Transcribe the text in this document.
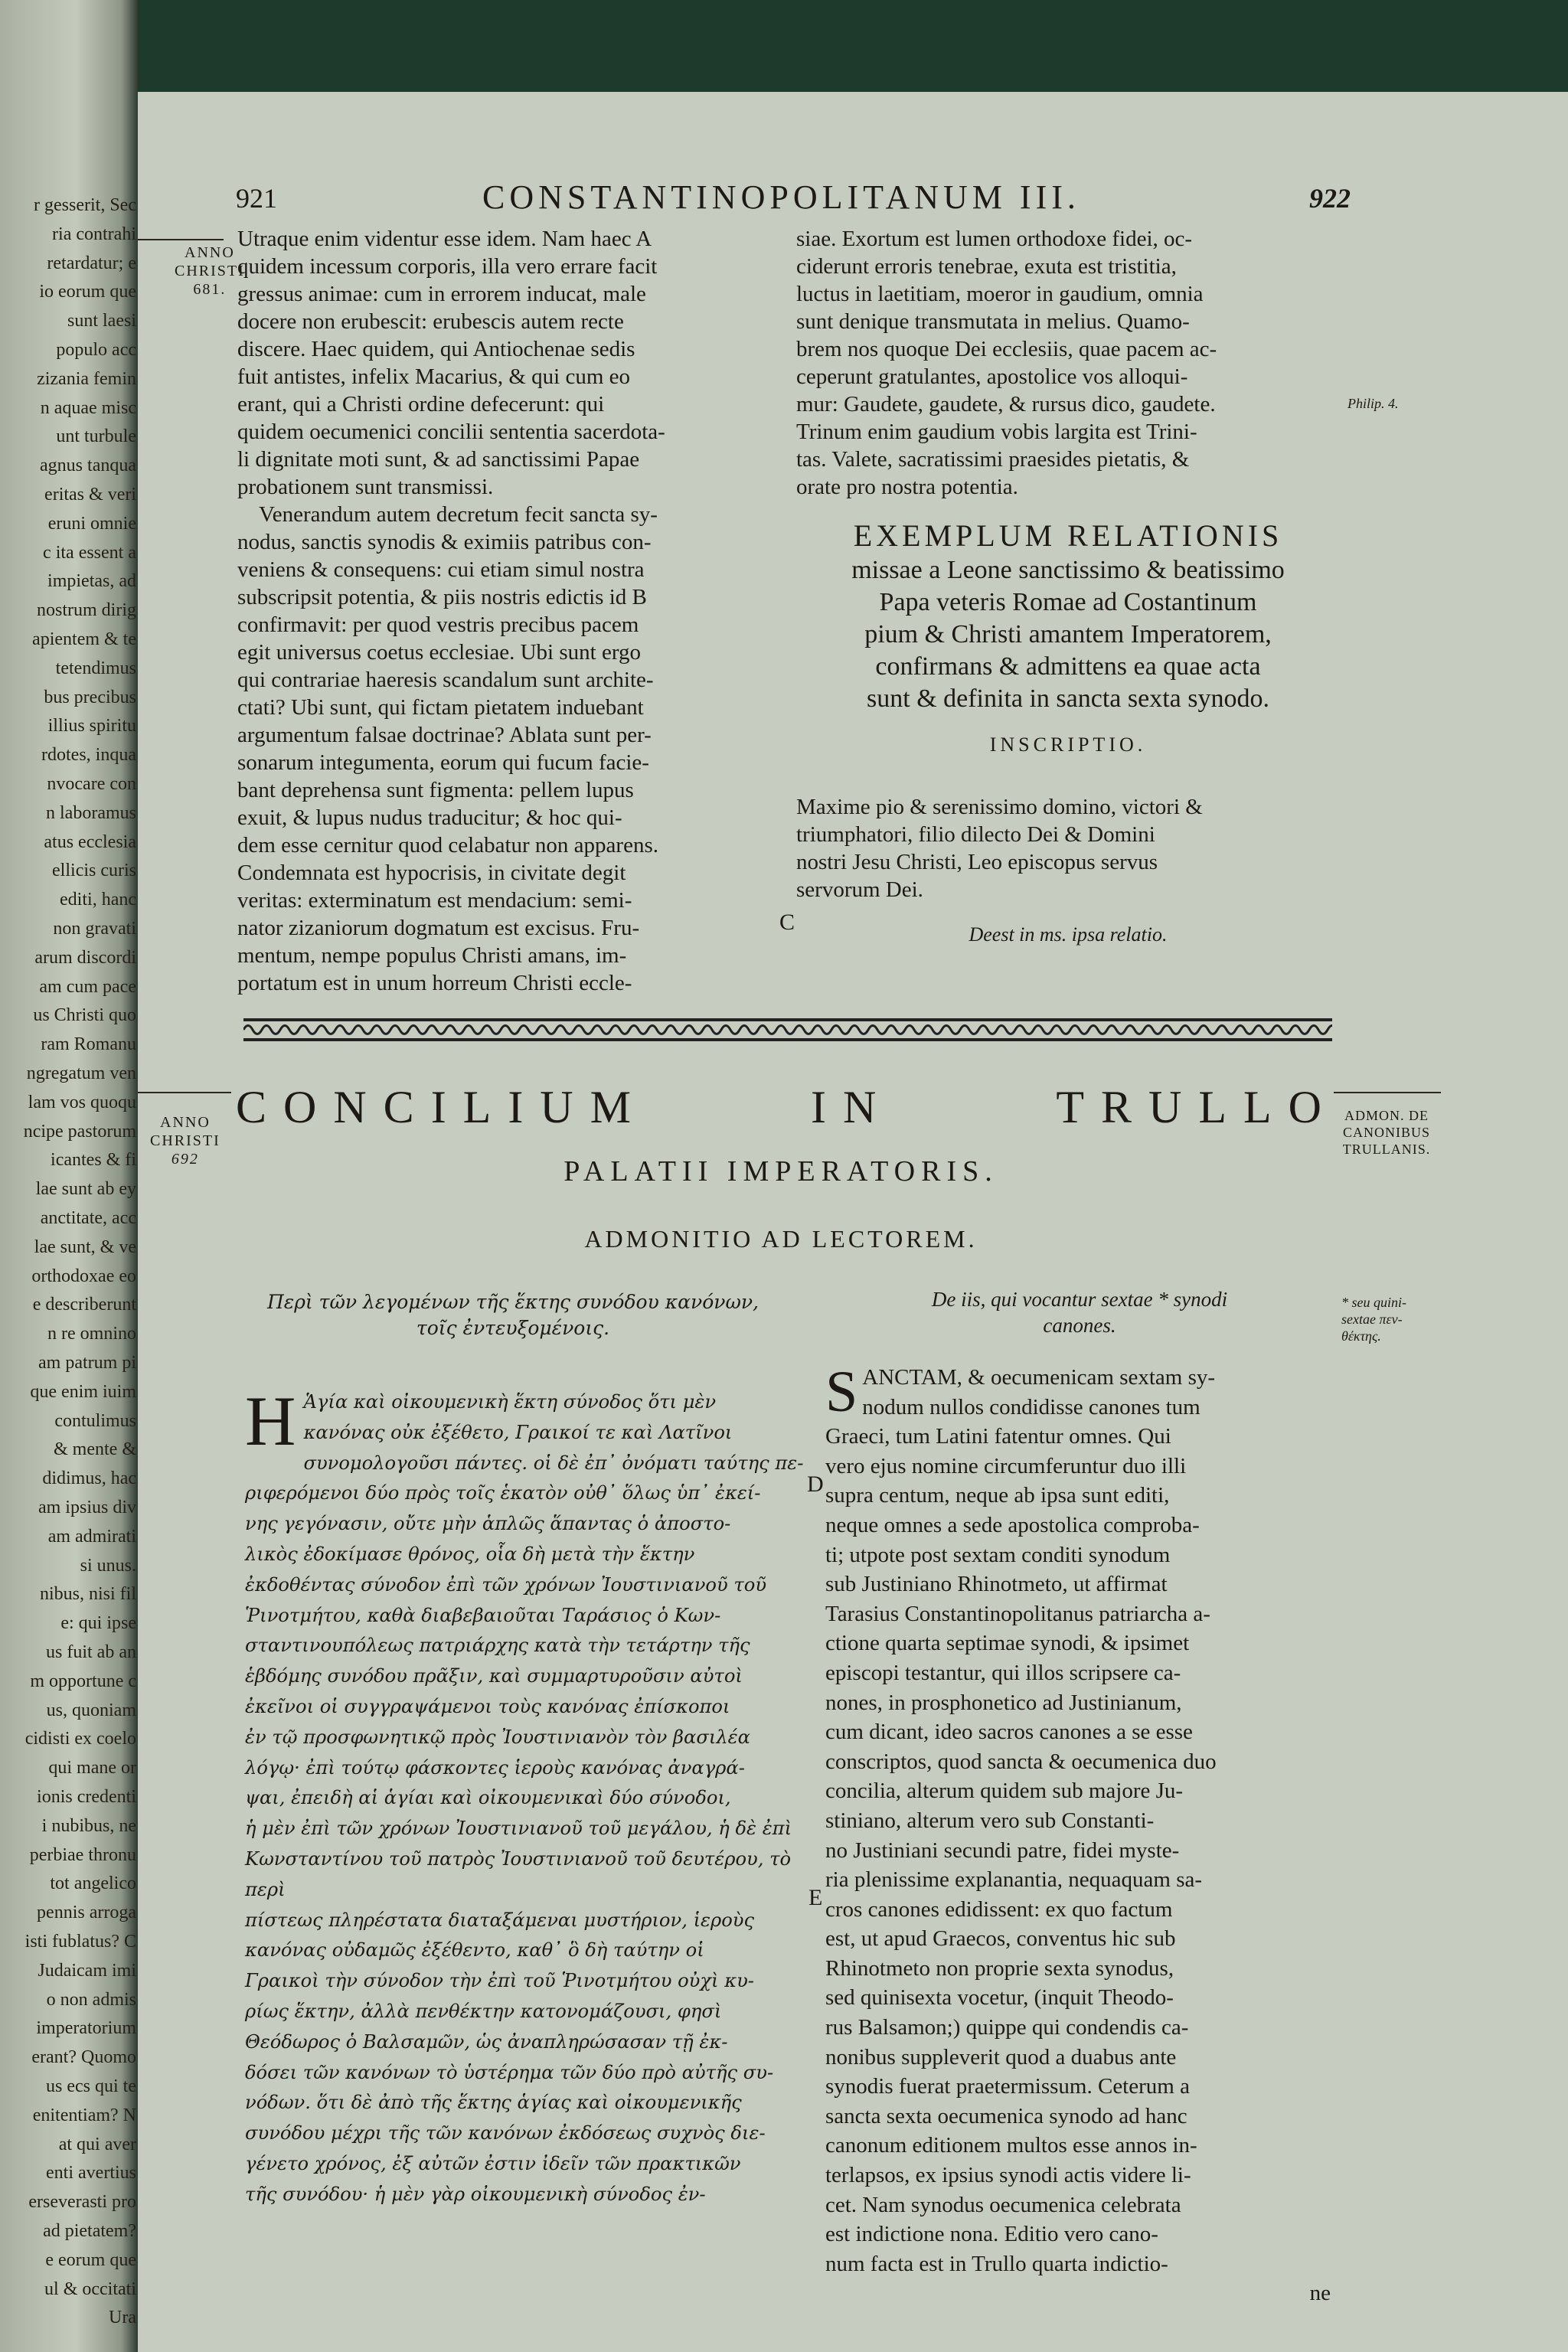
r gesserit, Sec
ria contrahi
retardatur; e
io eorum que
sunt laesi
populo acc
zizania femin
n aquae misc
unt turbule
agnus tanqua
eritas & veri
eruni omnie
c ita essent a
impietas, ad
nostrum dirig
apientem & te
tetendimus
bus precibus
illius spiritu
rdotes, inqua
nvocare con
n laboramus
atus ecclesia
ellicis curis
editi, hanc
non gravati
arum discordi
am cum pace
us Christi quo
ram Romanu
ngregatum ven
lam vos quoqu
ncipe pastorum
icantes & fi
lae sunt ab ey
anctitate, acc
lae sunt, & ve
orthodoxae eo
e describerunt
n re omnino
am patrum pi
que enim iuim
contulimus
& mente &
didimus, hac
am ipsius div
am admirati
si unus.
nibus, nisi fil
e: qui ipse
us fuit ab an
m opportune c
us, quoniam
cidisti ex coelo
qui mane or
ionis credenti
i nubibus, ne
perbiae thronu
tot angelico
pennis arroga
isti fublatus? C
Judaicam imi
o non admis
imperatorium
erant? Quomo
us ecs qui te
enitentiam? N
at qui aver
enti avertius
erseverasti pro
ad pietatem?
e eorum que
ul & occitati
Ura
921	CONSTANTINOPOLITANUM III.	922
ANNO
CHRISTI
681.

Utraque enim videntur esse idem. Nam haec A

quidem incessum corporis, illa vero errare facit

gressus animae: cum in errorem inducat, male

docere non erubescit: erubescis autem recte

discere. Haec quidem, qui Antiochenae sedis

fuit antistes, infelix Macarius, & qui cum eo

erant, qui a Christi ordine defecerunt: qui

quidem oecumenici concilii sententia sacerdota-

li dignitate moti sunt, & ad sanctissimi Papae

probationem sunt transmissi.

Venerandum autem decretum fecit sancta sy-

nodus, sanctis synodis & eximiis patribus con-

veniens & consequens: cui etiam simul nostra

subscripsit potentia, & piis nostris edictis id B

confirmavit: per quod vestris precibus pacem

egit universus coetus ecclesiae. Ubi sunt ergo

qui contrariae haeresis scandalum sunt archite-

ctati? Ubi sunt, qui fictam pietatem induebant

argumentum falsae doctrinae? Ablata sunt per-

sonarum integumenta, eorum qui fucum facie-

bant deprehensa sunt figmenta: pellem lupus

exuit, & lupus nudus traducitur; & hoc qui-

dem esse cernitur quod celabatur non apparens.

Condemnata est hypocrisis, in civitate degit

veritas: exterminatum est mendacium: semi-

nator zizaniorum dogmatum est excisus. Fru-

mentum, nempe populus Christi amans, im-

portatum est in unum horreum Christi eccle-

siae. Exortum est lumen orthodoxe fidei, oc-

ciderunt erroris tenebrae, exuta est tristitia,

luctus in laetitiam, moeror in gaudium, omnia

sunt denique transmutata in melius. Quamo-

brem nos quoque Dei ecclesiis, quae pacem ac-

ceperunt gratulantes, apostolice vos alloqui-

mur: Gaudete, gaudete, & rursus dico, gaudete.

Trinum enim gaudium vobis largita est Trini-

tas. Valete, sacratissimi praesides pietatis, &

orate pro nostra potentia.

Philip. 4.
EXEMPLUM RELATIONIS
missae a Leone sanctissimo & beatissimo
Papa veteris Romae ad Costantinum
pium & Christi amantem Imperatorem,
confirmans & admittens ea quae acta
sunt & definita in sancta sexta synodo.
INSCRIPTIO.
Maxime pio & serenissimo domino, victori &
triumphatori, filio dilecto Dei & Domini
nostri Jesu Christi, Leo episcopus servus
servorum Dei.
Deest in ms. ipsa relatio.
C
ANNO
CHRISTI
692
ADMON. DE
CANONIBUS
TRULLANIS.
CONCILIUM	IN	TRULLO
PALATII IMPERATORIS.
ADMONITIO AD LECTOREM.
Περὶ τῶν λεγομένων τῆς ἕκτης συνόδου κανόνων,
τοῖς ἐντευξομένοις.
De iis, qui vocantur sextae * synodi
canones.
* seu quini-
sextae πεν-
θέκτης.
H Ἁγία καὶ οἰκουμενικὴ ἕκτη σύνοδος ὅτι μὲν
κανόνας οὐκ ἐξέθετο, Γραικοί τε καὶ Λατῖνοι
συνομολογοῦσι πάντες. οἱ δὲ ἐπ᾽ ὀνόματι ταύτης πε-
ριφερόμενοι δύο πρὸς τοῖς ἑκατὸν οὐθ᾽ ὅλως ὑπ᾽ ἐκεί-
νης γεγόνασιν, οὔτε μὴν ἁπλῶς ἅπαντας ὁ ἀποστο-
λικὸς ἐδοκίμασε θρόνος, οἷα δὴ μετὰ τὴν ἕκτην
ἐκδοθέντας σύνοδον ἐπὶ τῶν χρόνων Ἰουστινιανοῦ τοῦ
Ῥινοτμήτου, καθὰ διαβεβαιοῦται Ταράσιος ὁ Κων-
σταντινουπόλεως πατριάρχης κατὰ τὴν τετάρτην τῆς
ἑβδόμης συνόδου πρᾶξιν, καὶ συμμαρτυροῦσιν αὐτοὶ
ἐκεῖνοι οἱ συγγραψάμενοι τοὺς κανόνας ἐπίσκοποι
ἐν τῷ προσφωνητικῷ πρὸς Ἰουστινιανὸν τὸν βασιλέα
λόγῳ· ἐπὶ τούτῳ φάσκοντες ἱεροὺς κανόνας ἀναγρά-
ψαι, ἐπειδὴ αἱ ἁγίαι καὶ οἰκουμενικαὶ δύο σύνοδοι,
ἡ μὲν ἐπὶ τῶν χρόνων Ἰουστινιανοῦ τοῦ μεγάλου, ἡ δὲ ἐπὶ
Κωνσταντίνου τοῦ πατρὸς Ἰουστινιανοῦ τοῦ δευτέρου, τὸ περὶ
πίστεως πληρέστατα διαταξάμεναι μυστήριον, ἱεροὺς
κανόνας οὐδαμῶς ἐξέθεντο, καθ᾽ ὃ δὴ ταύτην οἱ
Γραικοὶ τὴν σύνοδον τὴν ἐπὶ τοῦ Ῥινοτμήτου οὐχὶ κυ-
ρίως ἕκτην, ἀλλὰ πενθέκτην κατονομάζουσι, φησὶ
Θεόδωρος ὁ Βαλσαμῶν, ὡς ἀναπληρώσασαν τῇ ἐκ-
δόσει τῶν κανόνων τὸ ὑστέρημα τῶν δύο πρὸ αὐτῆς συ-
νόδων. ὅτι δὲ ἀπὸ τῆς ἕκτης ἁγίας καὶ οἰκουμενικῆς
συνόδου μέχρι τῆς τῶν κανόνων ἐκδόσεως συχνὸς διε-
γένετο χρόνος, ἐξ αὐτῶν ἐστιν ἰδεῖν τῶν πρακτικῶν
τῆς συνόδου· ἡ μὲν γὰρ οἰκουμενικὴ σύνοδος ἐν-
S ANCTAM, & oecumenicam sextam sy-
nodum nullos condidisse canones tum
Graeci, tum Latini fatentur omnes. Qui
vero ejus nomine circumferuntur duo illi
supra centum, neque ab ipsa sunt editi,
neque omnes a sede apostolica comproba-
ti; utpote post sextam conditi synodum
sub Justiniano Rhinotmeto, ut affirmat
Tarasius Constantinopolitanus patriarcha a-
ctione quarta septimae synodi, & ipsimet
episcopi testantur, qui illos scripsere ca-
nones, in prosphonetico ad Justinianum,
cum dicant, ideo sacros canones a se esse
conscriptos, quod sancta & oecumenica duo
concilia, alterum quidem sub majore Ju-
stiniano, alterum vero sub Constanti-
no Justiniani secundi patre, fidei myste-
ria plenissime explanantia, nequaquam sa-
cros canones edidissent: ex quo factum
est, ut apud Graecos, conventus hic sub
Rhinotmeto non proprie sexta synodus,
sed quinisexta vocetur, (inquit Theodo-
rus Balsamon;) quippe qui condendis ca-
nonibus suppleverit quod a duabus ante
synodis fuerat praetermissum. Ceterum a
sancta sexta oecumenica synodo ad hanc
canonum editionem multos esse annos in-
terlapsos, ex ipsius synodi actis videre li-
cet. Nam synodus oecumenica celebrata
est indictione nona. Editio vero cano-
num facta est in Trullo quarta indictio-
ne
D
E
